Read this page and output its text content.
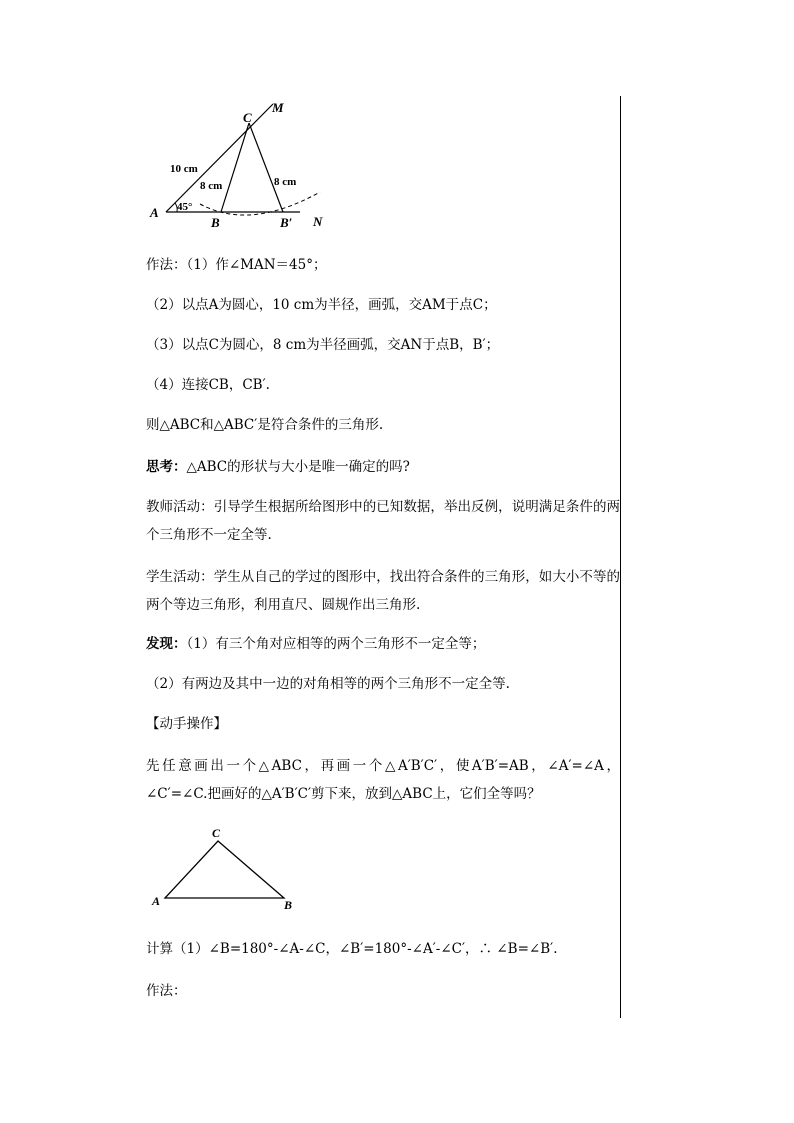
C
M
A
B	B′ N
10 cm
8 cm	8 cm
45°
作法：（1）作∠MAN＝45°；
（2）以点A为圆心，10 cm为半径，画弧，交AM于点C；
（3）以点C为圆心，8 cm为半径画弧，交AN于点B，B′；
（4）连接CB，CB′.
则△ABC和△ABC′是符合条件的三角形.
思考：△ABC的形状与大小是唯一确定的吗?
教师活动：引导学生根据所给图形中的已知数据，举出反例，说明满足条件的两个三角形不一定全等.
学生活动：学生从自己的学过的图形中，找出符合条件的三角形，如大小不等的两个等边三角形，利用直尺、圆规作出三角形.
发现：（1）有三个角对应相等的两个三角形不一定全等；
（2）有两边及其中一边的对角相等的两个三角形不一定全等.
【动手操作】
先任意画出一个△ABC，再画一个△A′B′C′，使A′B′=AB，∠A′=∠A，∠C′=∠C.把画好的△A′B′C′剪下来，放到△ABC上，它们全等吗？
C
A	B
计算（1）∠B=180°-∠A-∠C，∠B′=180°-∠A′-∠C′，∴ ∠B=∠B′.
作法：
